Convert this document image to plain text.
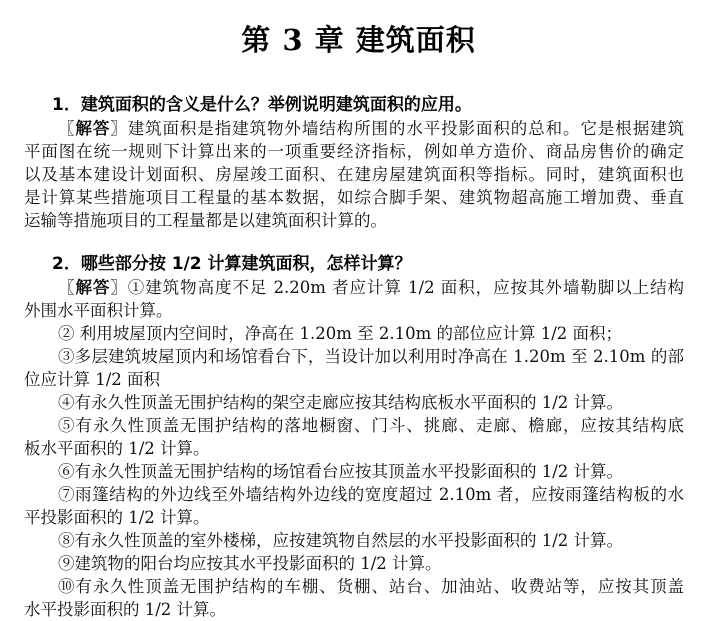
第 3 章 建筑面积
1．建筑面积的含义是什么？举例说明建筑面积的应用。
〖解答〗建筑面积是指建筑物外墙结构所围的水平投影面积的总和。它是根据建筑
平面图在统一规则下计算出来的一项重要经济指标，例如单方造价、商品房售价的确定
以及基本建设计划面积、房屋竣工面积、在建房屋建筑面积等指标。同时，建筑面积也
是计算某些措施项目工程量的基本数据，如综合脚手架、建筑物超高施工增加费、垂直
运输等措施项目的工程量都是以建筑面积计算的。
2．哪些部分按 1/2 计算建筑面积，怎样计算？
〖解答〗①建筑物高度不足 2.20m 者应计算 1/2 面积，应按其外墙勒脚以上结构
外围水平面积计算。
② 利用坡屋顶内空间时，净高在 1.20m 至 2.10m 的部位应计算 1/2 面积；
③多层建筑坡屋顶内和场馆看台下，当设计加以利用时净高在 1.20m 至 2.10m 的部
位应计算 1/2 面积
④有永久性顶盖无围护结构的架空走廊应按其结构底板水平面积的 1/2 计算。
⑤有永久性顶盖无围护结构的落地橱窗、门斗、挑廊、走廊、檐廊，应按其结构底
板水平面积的 1/2 计算。
⑥有永久性顶盖无围护结构的场馆看台应按其顶盖水平投影面积的 1/2 计算。
⑦雨篷结构的外边线至外墙结构外边线的宽度超过 2.10m 者，应按雨篷结构板的水
平投影面积的 1/2 计算。
⑧有永久性顶盖的室外楼梯，应按建筑物自然层的水平投影面积的 1/2 计算。
⑨建筑物的阳台均应按其水平投影面积的 1/2 计算。
⑩有永久性顶盖无围护结构的车棚、货棚、站台、加油站、收费站等，应按其顶盖
水平投影面积的 1/2 计算。
